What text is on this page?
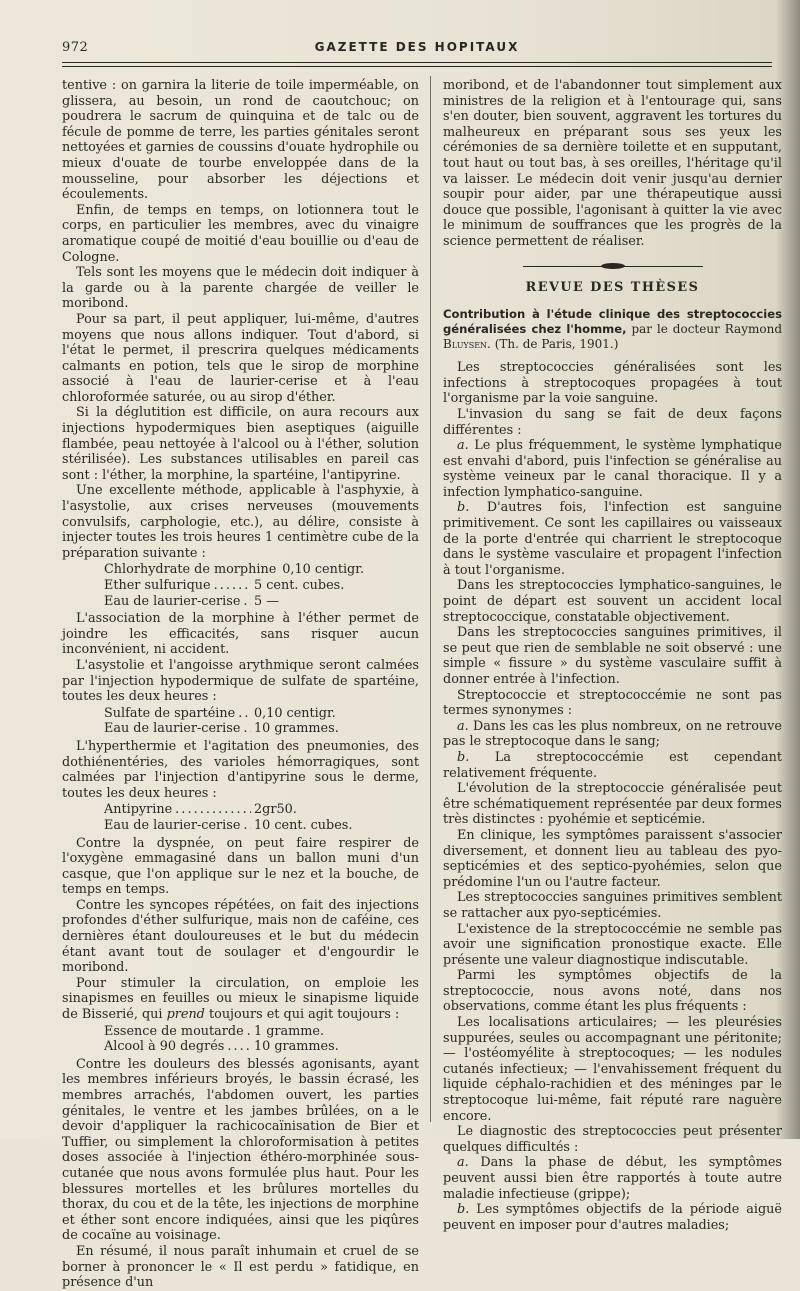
972	GAZETTE DES HOPITAUX

tentive : on garnira la literie de toile imperméable, on glissera, au besoin, un rond de caoutchouc; on poudrera le sacrum de quinquina et de talc ou de fécule de pomme de terre, les parties génitales seront nettoyées et garnies de coussins d'ouate hydrophile ou mieux d'ouate de tourbe enveloppée dans de la mousseline, pour absorber les déjections et écoulements.

Enfin, de temps en temps, on lotionnera tout le corps, en particulier les membres, avec du vinaigre aromatique coupé de moitié d'eau bouillie ou d'eau de Cologne.

Tels sont les moyens que le médecin doit indiquer à la garde ou à la parente chargée de veiller le moribond.

Pour sa part, il peut appliquer, lui-même, d'autres moyens que nous allons indiquer. Tout d'abord, si l'état le permet, il prescrira quelques médicaments calmants en potion, tels que le sirop de morphine associé à l'eau de laurier-cerise et à l'eau chloroformée saturée, ou au sirop d'éther.

Si la déglutition est difficile, on aura recours aux injections hypodermiques bien aseptiques (aiguille flambée, peau nettoyée à l'alcool ou à l'éther, solution stérilisée). Les substances utilisables en pareil cas sont : l'éther, la morphine, la spartéine, l'antipyrine.

Une excellente méthode, applicable à l'asphyxie, à l'asystolie, aux crises nerveuses (mouvements convulsifs, carphologie, etc.), au délire, consiste à injecter toutes les trois heures 1 centimètre cube de la préparation suivante :

Chlorhydrate de morphine 0,10 centigr.
Ether sulfurique . . .	5 cent. cubes.
Eau de laurier-cerise . . . 5 —

L'association de la morphine à l'éther permet de joindre les efficacités, sans risquer aucun inconvénient, ni accident.

L'asystolie et l'angoisse arythmique seront calmées par l'injection hypodermique de sulfate de spartéine, toutes les deux heures :

Sulfate de spartéine . . . 0,10 centigr.
Eau de laurier-cerise . . . 10 grammes.

L'hyperthermie et l'agitation des pneumonies, des dothiénentéries, des varioles hémorragiques, sont calmées par l'injection d'antipyrine sous le derme, toutes les deux heures :

Antipyrine . . .	2gr50.
Eau de laurier-cerise . . . 10 cent. cubes.

Contre la dyspnée, on peut faire respirer de l'oxygène emmagasiné dans un ballon muni d'un casque, que l'on applique sur le nez et la bouche, de temps en temps.

Contre les syncopes répétées, on fait des injections profondes d'éther sulfurique, mais non de caféine, ces dernières étant douloureuses et le but du médecin étant avant tout de soulager et d'engourdir le moribond.

Pour stimuler la circulation, on emploie les sinapismes en feuilles ou mieux le sinapisme liquide de Bisserié, qui prend toujours et qui agit toujours :

Essence de moutarde . . . 1 gramme.
Alcool à 90 degrés . . . 10 grammes.

Contre les douleurs des blessés agonisants, ayant les membres inférieurs broyés, le bassin écrasé, les membres arrachés, l'abdomen ouvert, les parties génitales, le ventre et les jambes brûlées, on a le devoir d'appliquer la rachicocaïnisation de Bier et Tuffier, ou simplement la chloroformisation à petites doses associée à l'injection éthéro-morphinée sous-cutanée que nous avons formulée plus haut. Pour les blessures mortelles et les brûlures mortelles du thorax, du cou et de la tête, les injections de morphine et éther sont encore indiquées, ainsi que les piqûres de cocaïne au voisinage.

En résumé, il nous paraît inhumain et cruel de se borner à prononcer le « Il est perdu » fatidique, en présence d'un

moribond, et de l'abandonner tout simplement aux ministres de la religion et à l'entourage qui, sans s'en douter, bien souvent, aggravent les tortures du malheureux en préparant sous ses yeux les cérémonies de sa dernière toilette et en supputant, tout haut ou tout bas, à ses oreilles, l'héritage qu'il va laisser. Le médecin doit venir jusqu'au dernier soupir pour aider, par une thérapeutique aussi douce que possible, l'agonisant à quitter la vie avec le minimum de souffrances que les progrès de la science permettent de réaliser.

REVUE DES THÈSES

Contribution à l'étude clinique des streptococcies généralisées chez l'homme, par le docteur Raymond Bluysen. (Th. de Paris, 1901.)

Les streptococcies généralisées sont les infections à streptocoques propagées à tout l'organisme par la voie sanguine.

L'invasion du sang se fait de deux façons différentes :

a. Le plus fréquemment, le système lymphatique est envahi d'abord, puis l'infection se généralise au système veineux par le canal thoracique. Il y a infection lymphatico-sanguine.

b. D'autres fois, l'infection est sanguine primitivement. Ce sont les capillaires ou vaisseaux de la porte d'entrée qui charrient le streptocoque dans le système vasculaire et propagent l'infection à tout l'organisme.

Dans les streptococcies lymphatico-sanguines, le point de départ est souvent un accident local streptococcique, constatable objectivement.

Dans les streptococcies sanguines primitives, il se peut que rien de semblable ne soit observé : une simple « fissure » du système vasculaire suffit à donner entrée à l'infection.

Streptococcie et streptococcémie ne sont pas termes synonymes :

a. Dans les cas les plus nombreux, on ne retrouve pas le streptocoque dans le sang;

b. La streptococcémie est cependant relativement fréquente.

L'évolution de la streptococcie généralisée peut être schématiquement représentée par deux formes très distinctes : pyohémie et septicémie.

En clinique, les symptômes paraissent s'associer diversement, et donnent lieu au tableau des pyo-septicémies et des septico-pyohémies, selon que prédomine l'un ou l'autre facteur.

Les streptococcies sanguines primitives semblent se rattacher aux pyo-septicémies.

L'existence de la streptococcémie ne semble pas avoir une signification pronostique exacte. Elle présente une valeur diagnostique indiscutable.

Parmi les symptômes objectifs de la streptococcie, nous avons noté, dans nos observations, comme étant les plus fréquents :

Les localisations articulaires; — les pleurésies suppurées, seules ou accompagnant une péritonite; — l'ostéomyélite à streptocoques; — les nodules cutanés infectieux; — l'envahissement fréquent du liquide céphalo-rachidien et des méninges par le streptocoque lui-même, fait réputé rare naguère encore.

Le diagnostic des streptococcies peut présenter quelques difficultés :

a. Dans la phase de début, les symptômes peuvent aussi bien être rapportés à toute autre maladie infectieuse (grippe);

b. Les symptômes objectifs de la période aiguë peuvent en imposer pour d'autres maladies;
